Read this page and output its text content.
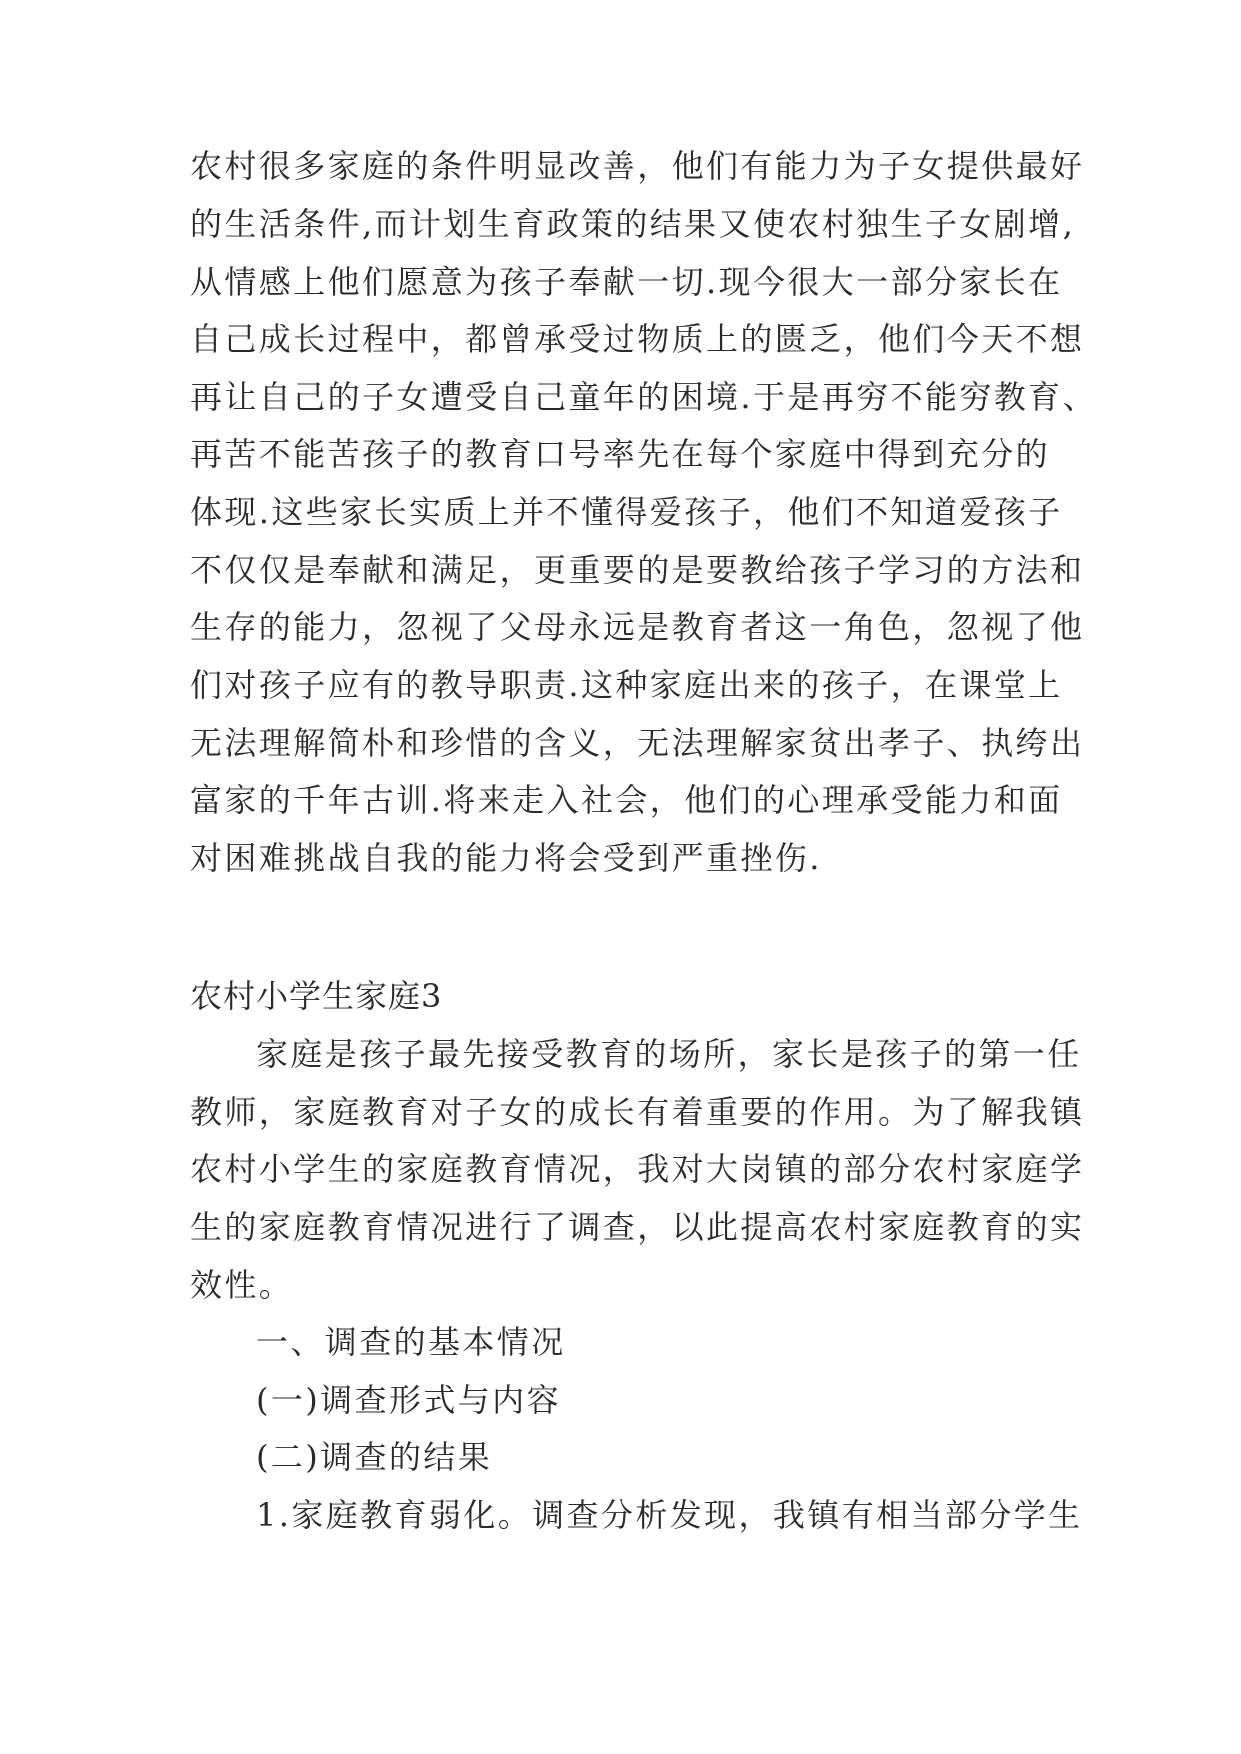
农村很多家庭的条件明显改善，他们有能力为子女提供最好
的生活条件,而计划生育政策的结果又使农村独生子女剧增,
从情感上他们愿意为孩子奉献一切.现今很大一部分家长在
自己成长过程中，都曾承受过物质上的匮乏，他们今天不想
再让自己的子女遭受自己童年的困境.于是再穷不能穷教育、
再苦不能苦孩子的教育口号率先在每个家庭中得到充分的
体现.这些家长实质上并不懂得爱孩子，他们不知道爱孩子
不仅仅是奉献和满足，更重要的是要教给孩子学习的方法和
生存的能力，忽视了父母永远是教育者这一角色，忽视了他
们对孩子应有的教导职责.这种家庭出来的孩子，在课堂上
无法理解简朴和珍惜的含义，无法理解家贫出孝子、执绔出
富家的千年古训.将来走入社会，他们的心理承受能力和面
对困难挑战自我的能力将会受到严重挫伤.
农村小学生家庭3
家庭是孩子最先接受教育的场所，家长是孩子的第一任
教师，家庭教育对子女的成长有着重要的作用。为了解我镇
农村小学生的家庭教育情况，我对大岗镇的部分农村家庭学
生的家庭教育情况进行了调查，以此提高农村家庭教育的实
效性。
一、调查的基本情况
(一)调查形式与内容
(二)调查的结果
1.家庭教育弱化。调查分析发现，我镇有相当部分学生
